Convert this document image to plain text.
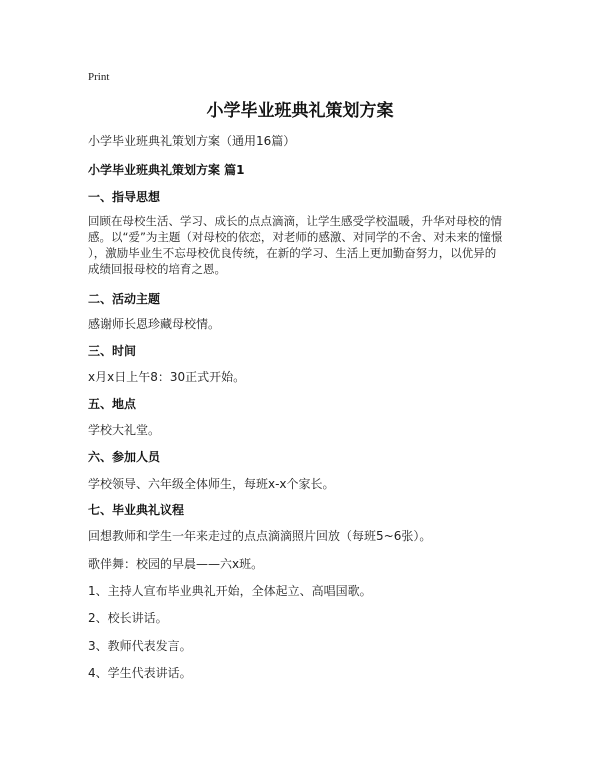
Print
小学毕业班典礼策划方案
小学毕业班典礼策划方案（通用16篇）
小学毕业班典礼策划方案 篇1
一、指导思想
回顾在母校生活、学习、成长的点点滴滴，让学生感受学校温暖，升华对母校的情
感。以“爱”为主题（对母校的依恋，对老师的感激、对同学的不舍、对未来的憧憬
），激励毕业生不忘母校优良传统，在新的学习、生活上更加勤奋努力，以优异的
成绩回报母校的培育之恩。
二、活动主题
感谢师长恩珍藏母校情。
三、时间
x月x日上午8：30正式开始。
五、地点
学校大礼堂。
六、参加人员
学校领导、六年级全体师生，每班x-x个家长。
七、毕业典礼议程
回想教师和学生一年来走过的点点滴滴照片回放（每班5~6张）。
歌伴舞：校园的早晨——六x班。
1、主持人宣布毕业典礼开始，全体起立、高唱国歌。
2、校长讲话。
3、教师代表发言。
4、学生代表讲话。
